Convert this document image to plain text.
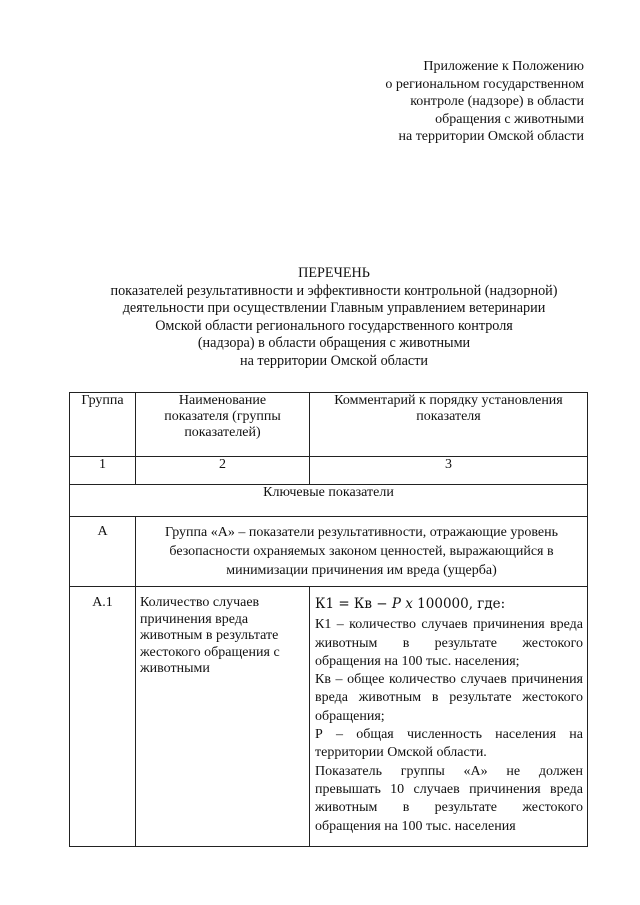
Приложение к Положению
о региональном государственном
контроле (надзоре) в области
обращения с животными
на территории Омской области
ПЕРЕЧЕНЬ
показателей результативности и эффективности контрольной (надзорной)
деятельности при осуществлении Главным управлением ветеринарии
Омской области регионального государственного контроля
(надзора) в области обращения с животными
на территории Омской области
Группа	Наименование показателя (группы показателей)	Комментарий к порядку установления показателя
1	2	3
Ключевые показатели		
А	Группа «А» – показатели результативности, отражающие уровень безопасности охраняемых законом ценностей, выражающийся в минимизации причинения им вреда (ущерба)	
А.1	Количество случаев причинения вреда животным в результате жестокого обращения с животными	К1 = Кв − P x 100000, где:
К1 – количество случаев причинения вреда животным в результате жестокого обращения на 100 тыс. населения;
Кв – общее количество случаев причинения вреда животным в результате жестокого обращения;
Р – общая численность населения на территории Омской области.
Показатель группы «А» не должен превышать 10 случаев причинения вреда животным в результате жестокого обращения на 100 тыс. населения
